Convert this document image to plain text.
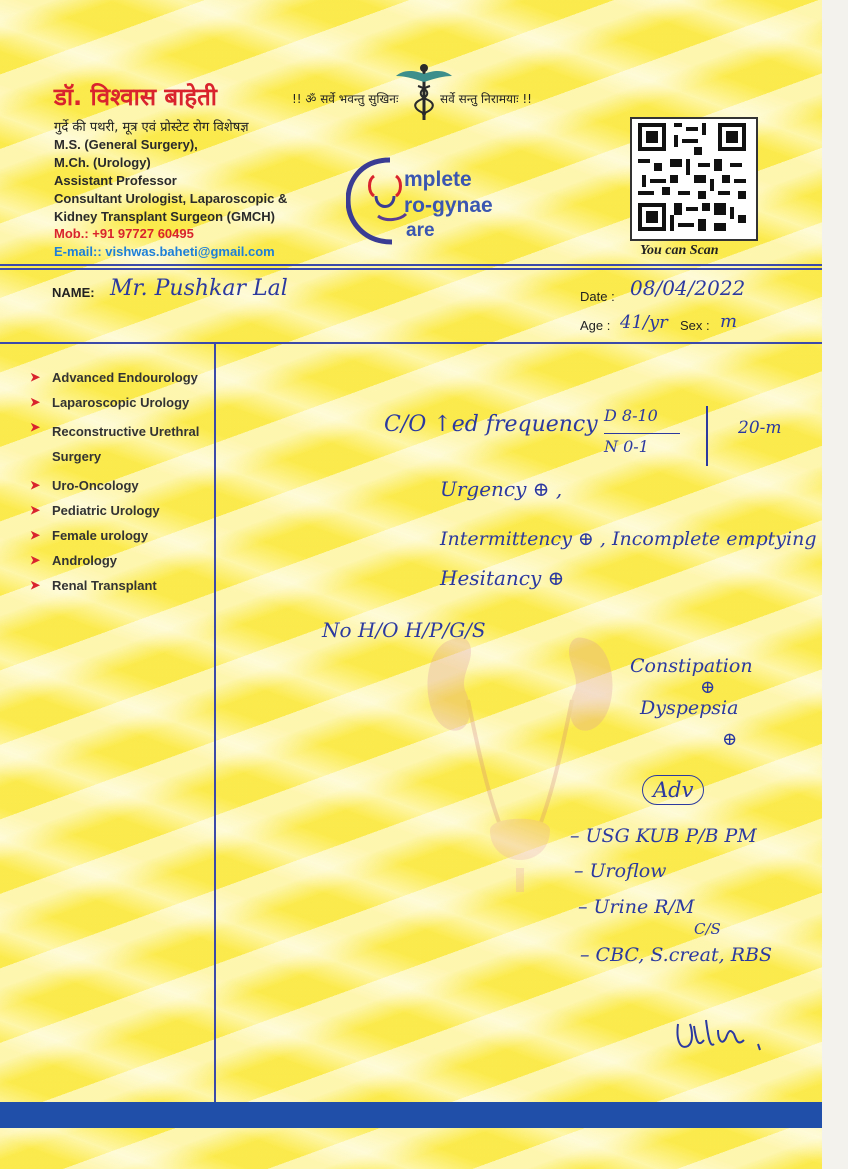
डॉ. विश्वास बाहेती
गुर्दे की पथरी, मूत्र एवं प्रोस्टेट रोग विशेषज्ञ
M.S. (General Surgery),
M.Ch. (Urology)
Assistant Professor
Consultant Urologist, Laparoscopic &
Kidney Transplant Surgeon (GMCH)
Mob.: +91 97727 60495
E-mail:: vishwas.baheti@gmail.com
!! ॐ सर्वे भवन्तु सुखिनः	सर्वे सन्तु निरामयाः !!
mplete
ro-gynae
are
You can Scan
NAME: Mr. Pushkar Lal	Date : 08/04/2022
Age : 41/yr Sex : m
➤ Advanced Endourology
➤ Laparoscopic Urology
➤ Reconstructive Urethral Surgery
➤ Uro-Oncology
➤ Pediatric Urology
➤ Female urology
➤ Andrology
➤ Renal Transplant
C/O ↑ed frequency D 8-10
N 0-1
20-m
Urgency ⊕ ,
Intermittency ⊕ , Incomplete emptying
Hesitancy ⊕
No H/O H/P/G/S
Constipation
⊕
Dyspepsia
⊕
Adv
– USG KUB P/B PM
– Uroflow
– Urine R/M
C/S
– CBC, S.creat, RBS
